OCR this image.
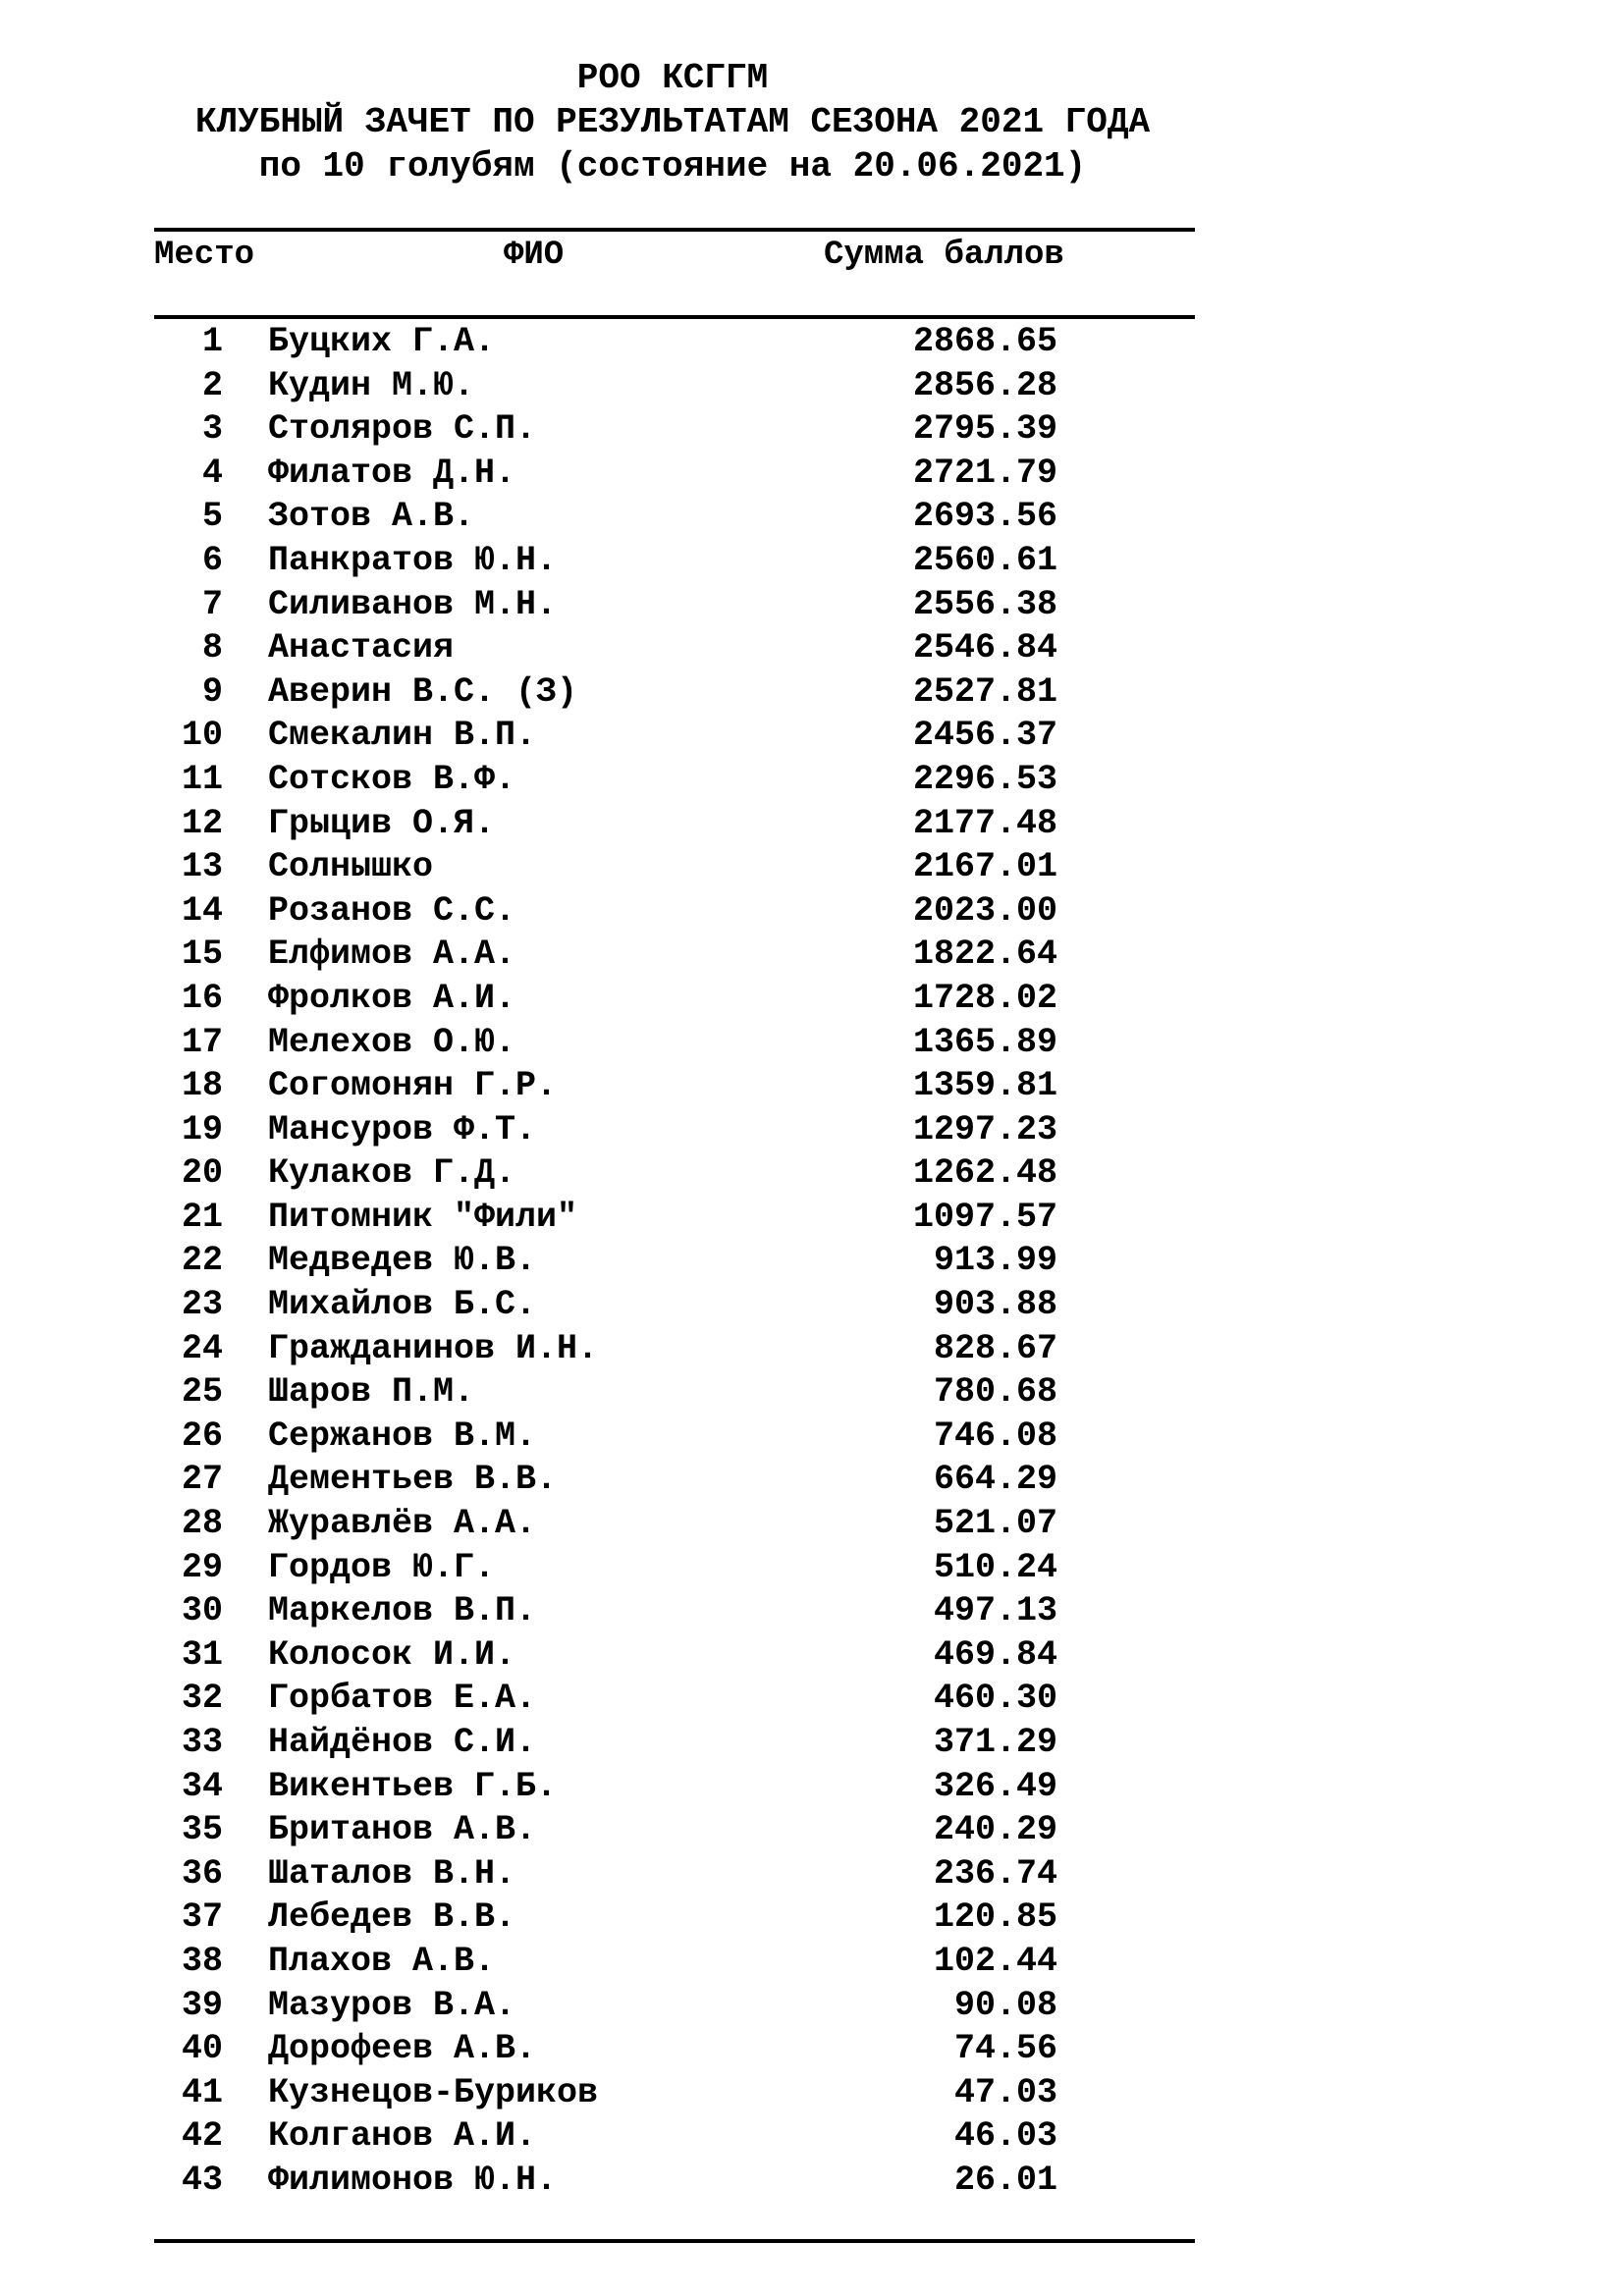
РОО КСГГМ
КЛУБНЫЙ ЗАЧЕТ ПО РЕЗУЛЬТАТАМ СЕЗОНА 2021 ГОДА
по 10 голубям (состояние на 20.06.2021)
Место	ФИО	Сумма баллов
1 Буцких Г.А.	2868.65
2 Кудин М.Ю.	2856.28
3 Столяров С.П.	2795.39
4 Филатов Д.Н.	2721.79
5 Зотов А.В.	2693.56
6 Панкратов Ю.Н.	2560.61
7 Силиванов М.Н.	2556.38
8 Анастасия	2546.84
9 Аверин В.С. (З)	2527.81
10 Смекалин В.П.	2456.37
11 Сотсков В.Ф.	2296.53
12 Грыцив О.Я.	2177.48
13 Солнышко	2167.01
14 Розанов С.С.	2023.00
15 Елфимов А.А.	1822.64
16 Фролков А.И.	1728.02
17 Мелехов О.Ю.	1365.89
18 Согомонян Г.Р.	1359.81
19 Мансуров Ф.Т.	1297.23
20 Кулаков Г.Д.	1262.48
21 Питомник "Фили"	1097.57
22 Медведев Ю.В.	913.99
23 Михайлов Б.С.	903.88
24 Гражданинов И.Н.	828.67
25 Шаров П.М.	780.68
26 Сержанов В.М.	746.08
27 Дементьев В.В.	664.29
28 Журавлёв А.А.	521.07
29 Гордов Ю.Г.	510.24
30 Маркелов В.П.	497.13
31 Колосок И.И.	469.84
32 Горбатов Е.А.	460.30
33 Найдёнов С.И.	371.29
34 Викентьев Г.Б.	326.49
35 Британов А.В.	240.29
36 Шаталов В.Н.	236.74
37 Лебедев В.В.	120.85
38 Плахов А.В.	102.44
39 Мазуров В.А.	90.08
40 Дорофеев А.В.	74.56
41 Кузнецов-Буриков	47.03
42 Колганов А.И.	46.03
43 Филимонов Ю.Н.	26.01
